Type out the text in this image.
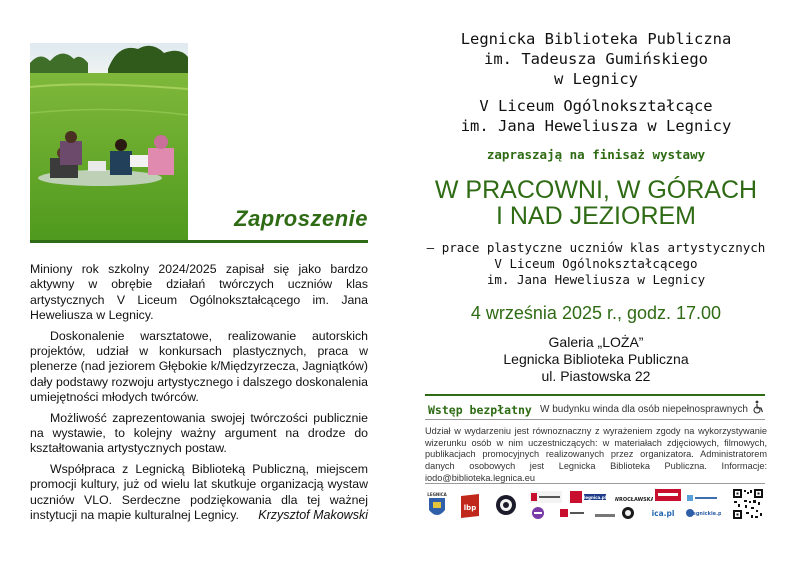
Zaproszenie

Miniony rok szkolny 2024/2025 zapisał się jako bardzo aktywny w obrębie działań twórczych uczniów klas artystycznych V Liceum Ogólnokształcącego im. Jana Heweliusza w Legnicy.

Doskonalenie warsztatowe, realizowanie autorskich projektów, udział w konkursach plastycznych, praca w plenerze (nad jeziorem Głębokie k/Międzyrzecza, Jagniątków) dały podstawy rozwoju artystycznego i dalszego doskonalenia umiejętności młodych twórców.

Możliwość zaprezentowania swojej twórczości publicznie na wystawie, to kolejny ważny argument na drodze do kształtowania artystycznych postaw.

Współpraca z Legnicką Biblioteką Publiczną, miejscem promocji kultury, już od wielu lat skutkuje organizacją wystaw uczniów VLO. Serdeczne podziękowania dla tej ważnej instytucji na mapie kulturalnej Legnicy.	Krzysztof Makowski
Legnicka Biblioteka Publiczna
im. Tadeusza Gumińskiego
w Legnicy
V Liceum Ogólnokształcące
im. Jana Heweliusza w Legnicy
zapraszają na finisaż wystawy
W PRACOWNI, W GÓRACH
I NAD JEZIOREM
– prace plastyczne uczniów klas artystycznych
V Liceum Ogólnokształcącego
im. Jana Heweliusza w Legnicy
4 września 2025 r., godz. 17.00
Galeria „LOŻA”
Legnicka Biblioteka Publiczna
ul. Piastowska 22
Wstęp bezpłatny W budynku winda dla osób niepełnosprawnych
Udział w wydarzeniu jest równoznaczny z wyrażeniem zgody na wykorzystywanie wizerunku osób w nim uczestniczących: w materiałach zdjęciowych, filmowych, publikacjach promocyjnych realizowanych przez organizatora. Administratorem danych osobowych jest Legnicka Biblioteka Publiczna. Informacje: iodo@biblioteka.legnica.eu
LEGNICA
lbp
legnica.pl WROCŁAWSKA
ica.pl	legnickie.pl
